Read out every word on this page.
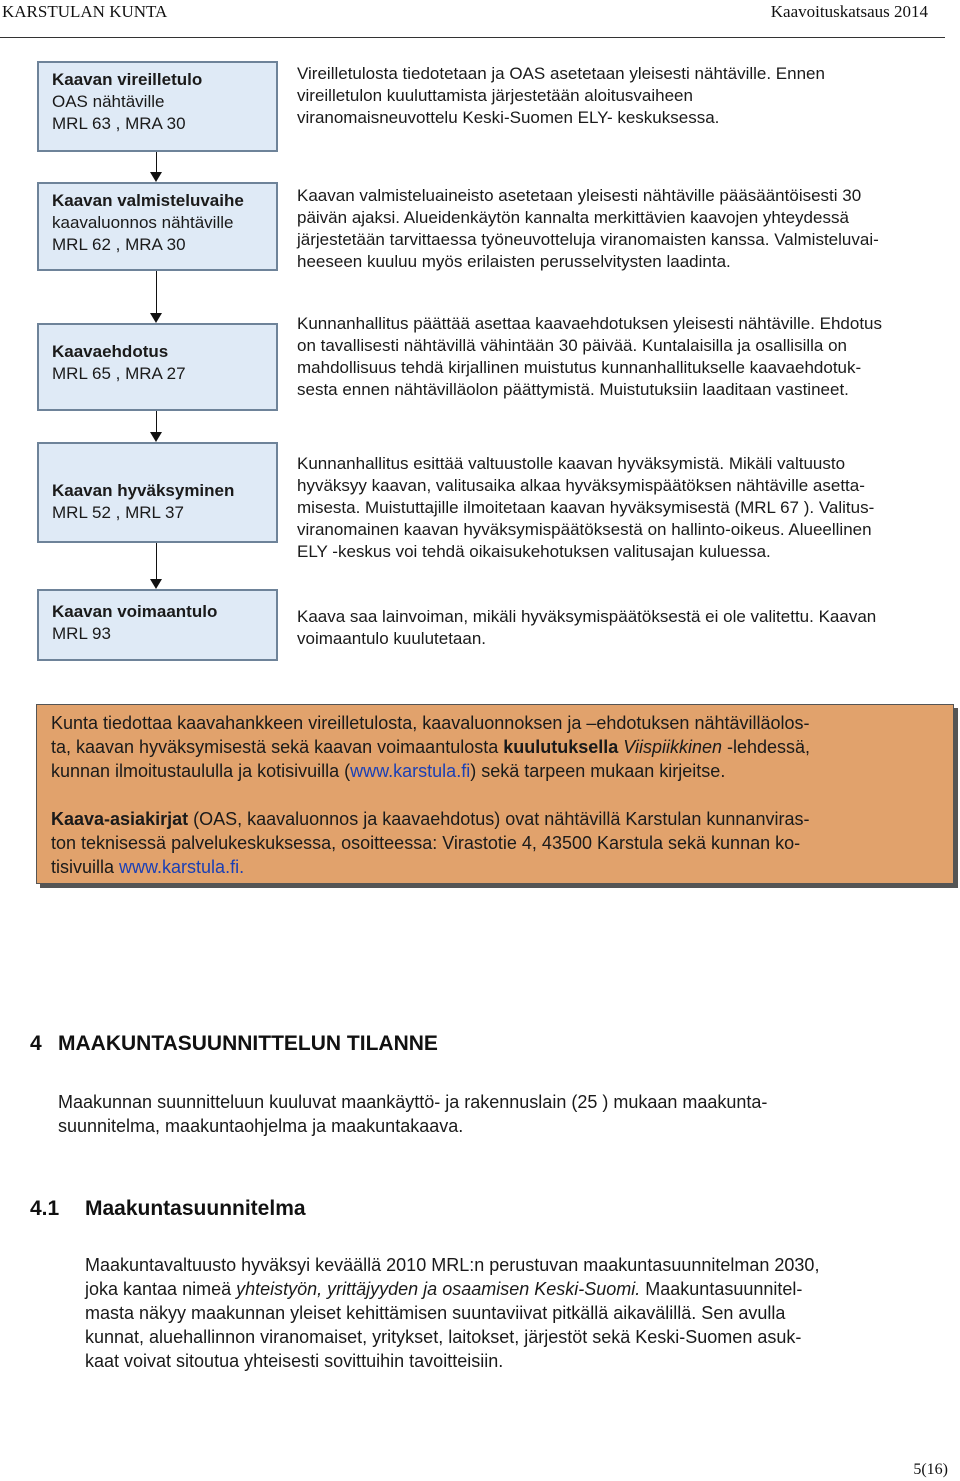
KARSTULAN KUNTA	Kaavoituskatsaus 2014
Kaavan vireilletulo
OAS nähtäville
MRL 63 , MRA 30
Vireilletulosta tiedotetaan ja OAS asetetaan yleisesti nähtäville. Ennen
vireilletulon kuuluttamista järjestetään aloitusvaiheen
viranomaisneuvottelu Keski-Suomen ELY- keskuksessa.
Kaavan valmisteluvaihe
kaavaluonnos nähtäville
MRL 62 , MRA 30
Kaavan valmisteluaineisto asetetaan yleisesti nähtäville pääsääntöisesti 30
päivän ajaksi. Alueidenkäytön kannalta merkittävien kaavojen yhteydessä
järjestetään tarvittaessa työneuvotteluja viranomaisten kanssa. Valmisteluvai-
heeseen kuuluu myös erilaisten perusselvitysten laadinta.
Kaavaehdotus
MRL 65 , MRA 27
Kunnanhallitus päättää asettaa kaavaehdotuksen yleisesti nähtäville. Ehdotus
on tavallisesti nähtävillä vähintään 30 päivää. Kuntalaisilla ja osallisilla on
mahdollisuus tehdä kirjallinen muistutus kunnanhallitukselle kaavaehdotuk-
sesta ennen nähtävilläolon päättymistä. Muistutuksiin laaditaan vastineet.
Kaavan hyväksyminen
MRL 52 , MRL 37
Kunnanhallitus esittää valtuustolle kaavan hyväksymistä. Mikäli valtuusto
hyväksyy kaavan, valitusaika alkaa hyväksymispäätöksen nähtäville asetta-
misesta. Muistuttajille ilmoitetaan kaavan hyväksymisestä (MRL 67 ). Valitus-
viranomainen kaavan hyväksymispäätöksestä on hallinto-oikeus. Alueellinen
ELY -keskus voi tehdä oikaisukehotuksen valitusajan kuluessa.
Kaavan voimaantulo
MRL 93
Kaava saa lainvoiman, mikäli hyväksymispäätöksestä ei ole valitettu. Kaavan
voimaantulo kuulutetaan.

Kunta tiedottaa kaavahankkeen vireilletulosta, kaavaluonnoksen ja –ehdotuksen nähtävilläolos-

ta, kaavan hyväksymisestä sekä kaavan voimaantulosta kuulutuksella Viispiikkinen -lehdessä,

kunnan ilmoitustaululla ja kotisivuilla (www.karstula.fi) sekä tarpeen mukaan kirjeitse.

Kaava-asiakirjat (OAS, kaavaluonnos ja kaavaehdotus) ovat nähtävillä Karstulan kunnanviras-

ton teknisessä palvelukeskuksessa, osoitteessa: Virastotie 4, 43500 Karstula sekä kunnan ko-

tisivuilla www.karstula.fi.

4 MAAKUNTASUUNNITTELUN TILANNE
Maakunnan suunnitteluun kuuluvat maankäyttö- ja rakennuslain (25 ) mukaan maakunta-
suunnitelma, maakuntaohjelma ja maakuntakaava.
4.1 Maakuntasuunnitelma
Maakuntavaltuusto hyväksyi keväällä 2010 MRL:n perustuvan maakuntasuunnitelman 2030,
joka kantaa nimeä yhteistyön, yrittäjyyden ja osaamisen Keski-Suomi. Maakuntasuunnitel-
masta näkyy maakunnan yleiset kehittämisen suuntaviivat pitkällä aikavälillä. Sen avulla
kunnat, aluehallinnon viranomaiset, yritykset, laitokset, järjestöt sekä Keski-Suomen asuk-
kaat voivat sitoutua yhteisesti sovittuihin tavoitteisiin.
5(16)
